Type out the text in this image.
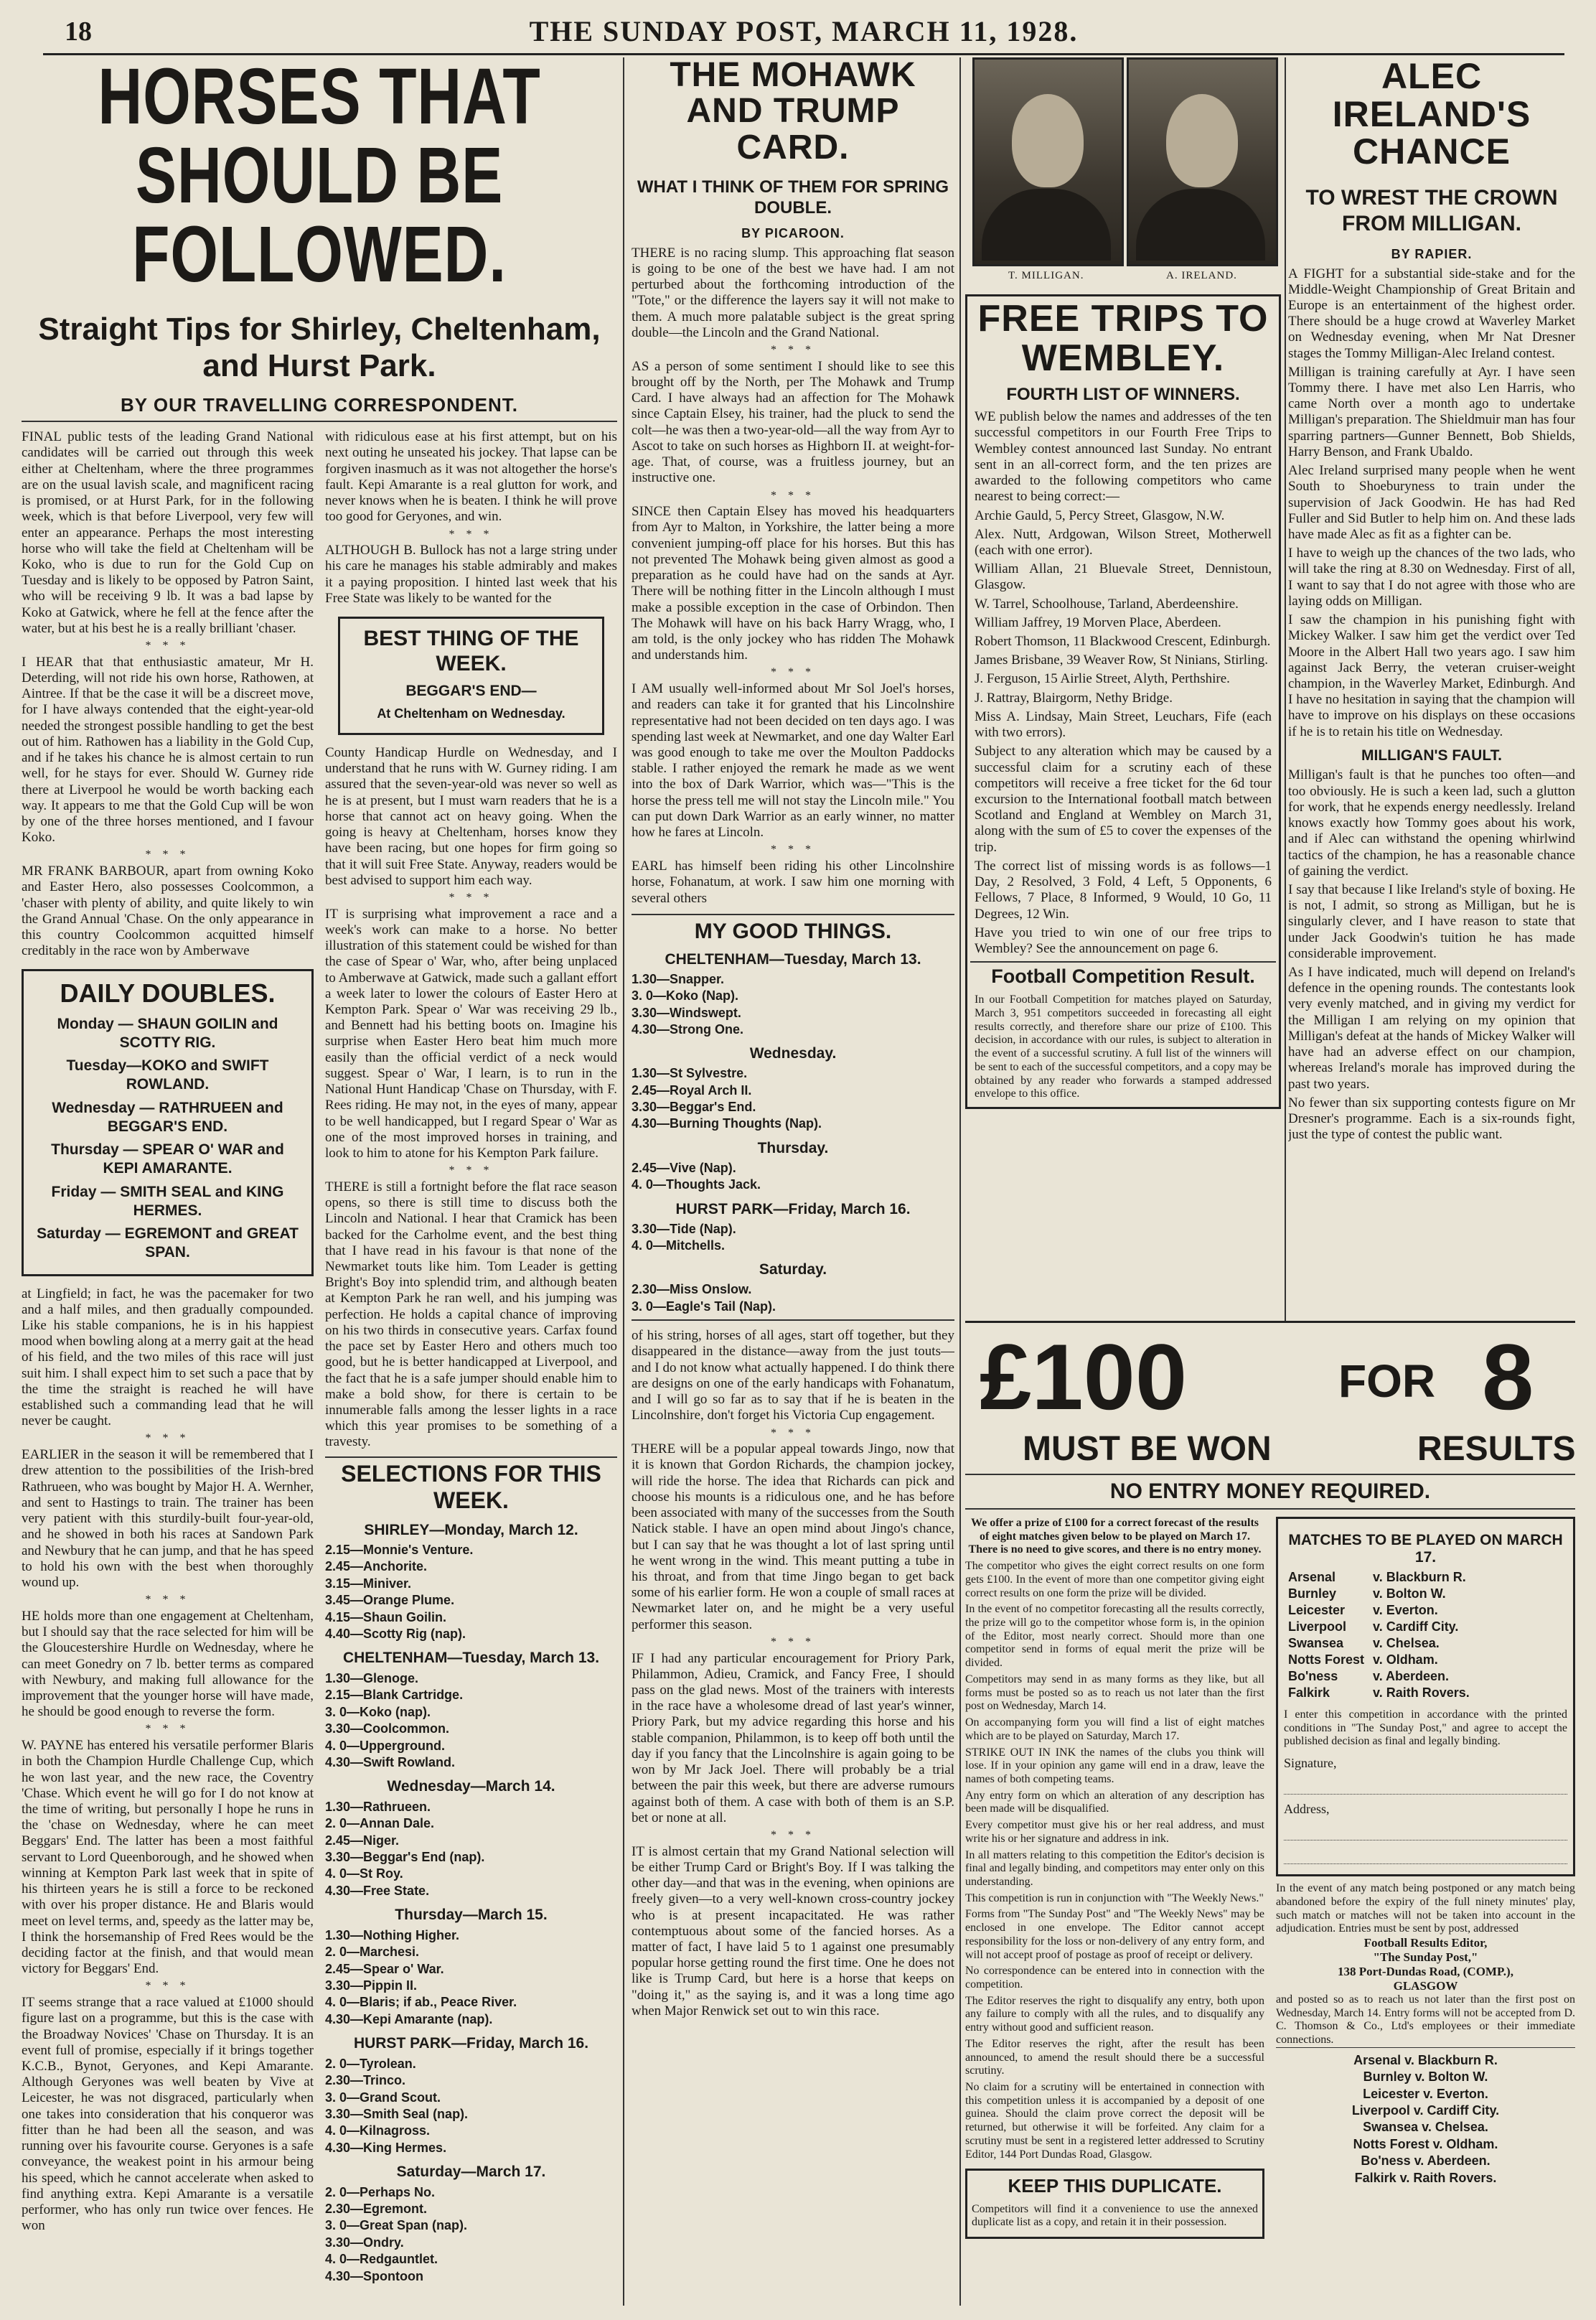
18	THE SUNDAY POST, MARCH 11, 1928.
HORSES THAT SHOULD BE
FOLLOWED.
Straight Tips for Shirley, Cheltenham, and Hurst Park.
BY OUR TRAVELLING CORRESPONDENT.

FINAL public tests of the leading Grand National candidates will be carried out through this week either at Cheltenham, where the three programmes are on the usual lavish scale, and magnificent racing is promised, or at Hurst Park, for in the following week, which is that before Liverpool, very few will enter an appearance. Perhaps the most interesting horse who will take the field at Cheltenham will be Koko, who is due to run for the Gold Cup on Tuesday and is likely to be opposed by Patron Saint, who will be receiving 9 lb. It was a bad lapse by Koko at Gatwick, where he fell at the fence after the water, but at his best he is a really brilliant 'chaser.

* * *

I HEAR that that enthusiastic amateur, Mr H. Deterding, will not ride his own horse, Rathowen, at Aintree. If that be the case it will be a discreet move, for I have always contended that the eight-year-old needed the strongest possible handling to get the best out of him. Rathowen has a liability in the Gold Cup, and if he takes his chance he is almost certain to run well, for he stays for ever. Should W. Gurney ride there at Liverpool he would be worth backing each way. It appears to me that the Gold Cup will be won by one of the three horses mentioned, and I favour Koko.

* * *

MR FRANK BARBOUR, apart from owning Koko and Easter Hero, also possesses Coolcommon, a 'chaser with plenty of ability, and quite likely to win the Grand Annual 'Chase. On the only appearance in this country Coolcommon acquitted himself creditably in the race won by Amberwave

DAILY DOUBLES.
Monday — SHAUN GOILIN and SCOTTY RIG.
Tuesday—KOKO and SWIFT ROWLAND.
Wednesday — RATHRUEEN and BEGGAR'S END.
Thursday — SPEAR O' WAR and KEPI AMARANTE.
Friday — SMITH SEAL and KING HERMES.
Saturday — EGREMONT and GREAT SPAN.

at Lingfield; in fact, he was the pacemaker for two and a half miles, and then gradually compounded. Like his stable companions, he is in his happiest mood when bowling along at a merry gait at the head of his field, and the two miles of this race will just suit him. I shall expect him to set such a pace that by the time the straight is reached he will have established such a commanding lead that he will never be caught.

* * *

EARLIER in the season it will be remembered that I drew attention to the possibilities of the Irish-bred Rathrueen, who was bought by Major H. A. Wernher, and sent to Hastings to train. The trainer has been very patient with this sturdily-built four-year-old, and he showed in both his races at Sandown Park and Newbury that he can jump, and that he has speed to hold his own with the best when thoroughly wound up.

* * *

HE holds more than one engagement at Cheltenham, but I should say that the race selected for him will be the Gloucestershire Hurdle on Wednesday, where he can meet Gonedry on 7 lb. better terms as compared with Newbury, and making full allowance for the improvement that the younger horse will have made, he should be good enough to reverse the form.

* * *

W. PAYNE has entered his versatile performer Blaris in both the Champion Hurdle Challenge Cup, which he won last year, and the new race, the Coventry 'Chase. Which event he will go for I do not know at the time of writing, but personally I hope he runs in the 'chase on Wednesday, where he can meet Beggars' End. The latter has been a most faithful servant to Lord Queenborough, and he showed when winning at Kempton Park last week that in spite of his thirteen years he is still a force to be reckoned with over his proper distance. He and Blaris would meet on level terms, and, speedy as the latter may be, I think the horsemanship of Fred Rees would be the deciding factor at the finish, and that would mean victory for Beggars' End.

* * *

IT seems strange that a race valued at £1000 should figure last on a programme, but this is the case with the Broadway Novices' 'Chase on Thursday. It is an event full of promise, especially if it brings together K.C.B., Bynot, Geryones, and Kepi Amarante. Although Geryones was well beaten by Vive at Leicester, he was not disgraced, particularly when one takes into consideration that his conqueror was fitter than he had been all the season, and was running over his favourite course. Geryones is a safe conveyance, the weakest point in his armour being his speed, which he cannot accelerate when asked to find anything extra. Kepi Amarante is a versatile performer, who has only run twice over fences. He won

with ridiculous ease at his first attempt, but on his next outing he unseated his jockey. That lapse can be forgiven inasmuch as it was not altogether the horse's fault. Kepi Amarante is a real glutton for work, and never knows when he is beaten. I think he will prove too good for Geryones, and win.

* * *

ALTHOUGH B. Bullock has not a large string under his care he manages his stable admirably and makes it a paying proposition. I hinted last week that his Free State was likely to be wanted for the

BEST THING OF THE WEEK.
BEGGAR'S END—
At Cheltenham on Wednesday.

County Handicap Hurdle on Wednesday, and I understand that he runs with W. Gurney riding. I am assured that the seven-year-old was never so well as he is at present, but I must warn readers that he is a horse that cannot act on heavy going. When the going is heavy at Cheltenham, horses know they have been racing, but one hopes for firm going so that it will suit Free State. Anyway, readers would be best advised to support him each way.

* * *

IT is surprising what improvement a race and a week's work can make to a horse. No better illustration of this statement could be wished for than the case of Spear o' War, who, after being unplaced to Amberwave at Gatwick, made such a gallant effort a week later to lower the colours of Easter Hero at Kempton Park. Spear o' War was receiving 29 lb., and Bennett had his betting boots on. Imagine his surprise when Easter Hero beat him much more easily than the official verdict of a neck would suggest. Spear o' War, I learn, is to run in the National Hunt Handicap 'Chase on Thursday, with F. Rees riding. He may not, in the eyes of many, appear to be well handicapped, but I regard Spear o' War as one of the most improved horses in training, and look to him to atone for his Kempton Park failure.

* * *

THERE is still a fortnight before the flat race season opens, so there is still time to discuss both the Lincoln and National. I hear that Cramick has been backed for the Carholme event, and the best thing that I have read in his favour is that none of the Newmarket touts like him. Tom Leader is getting Bright's Boy into splendid trim, and although beaten at Kempton Park he ran well, and his jumping was perfection. He holds a capital chance of improving on his two thirds in consecutive years. Carfax found the pace set by Easter Hero and others much too good, but he is better handicapped at Liverpool, and the fact that he is a safe jumper should enable him to make a bold show, for there is certain to be innumerable falls among the lesser lights in a race which this year promises to be something of a travesty.

SELECTIONS FOR THIS WEEK.
SHIRLEY—Monday, March 12.
2.15—Monnie's Venture.
2.45—Anchorite.
3.15—Miniver.
3.45—Orange Plume.
4.15—Shaun Goilin.
4.40—Scotty Rig (nap).
CHELTENHAM—Tuesday, March 13.
1.30—Glenoge.
2.15—Blank Cartridge.
3. 0—Koko (nap).
3.30—Coolcommon.
4. 0—Upperground.
4.30—Swift Rowland.
Wednesday—March 14.
1.30—Rathrueen.
2. 0—Annan Dale.
2.45—Niger.
3.30—Beggar's End (nap).
4. 0—St Roy.
4.30—Free State.
Thursday—March 15.
1.30—Nothing Higher.
2. 0—Marchesi.
2.45—Spear o' War.
3.30—Pippin II.
4. 0—Blaris; if ab., Peace River.
4.30—Kepi Amarante (nap).
HURST PARK—Friday, March 16.
2. 0—Tyrolean.
2.30—Trinco.
3. 0—Grand Scout.
3.30—Smith Seal (nap).
4. 0—Kilnagross.
4.30—King Hermes.
Saturday—March 17.
2. 0—Perhaps No.
2.30—Egremont.
3. 0—Great Span (nap).
3.30—Ondry.
4. 0—Redgauntlet.
4.30—Spontoon
THE MOHAWK AND TRUMP CARD.
WHAT I THINK OF THEM FOR SPRING DOUBLE.
BY PICAROON.

THERE is no racing slump. This approaching flat season is going to be one of the best we have had. I am not perturbed about the forthcoming introduction of the "Tote," or the difference the layers say it will not make to them. A much more palatable subject is the great spring double—the Lincoln and the Grand National.

* * *

AS a person of some sentiment I should like to see this brought off by the North, per The Mohawk and Trump Card. I have always had an affection for The Mohawk since Captain Elsey, his trainer, had the pluck to send the colt—he was then a two-year-old—all the way from Ayr to Ascot to take on such horses as Highborn II. at weight-for-age. That, of course, was a fruitless journey, but an instructive one.

* * *

SINCE then Captain Elsey has moved his headquarters from Ayr to Malton, in Yorkshire, the latter being a more convenient jumping-off place for his horses. But this has not prevented The Mohawk being given almost as good a preparation as he could have had on the sands at Ayr. There will be nothing fitter in the Lincoln although I must make a possible exception in the case of Orbindon. Then The Mohawk will have on his back Harry Wragg, who, I am told, is the only jockey who has ridden The Mohawk and understands him.

* * *

I AM usually well-informed about Mr Sol Joel's horses, and readers can take it for granted that his Lincolnshire representative had not been decided on ten days ago. I was spending last week at Newmarket, and one day Walter Earl was good enough to take me over the Moulton Paddocks stable. I rather enjoyed the remark he made as we went into the box of Dark Warrior, which was—"This is the horse the press tell me will not stay the Lincoln mile." You can put down Dark Warrior as an early winner, no matter how he fares at Lincoln.

* * *

EARL has himself been riding his other Lincolnshire horse, Fohanatum, at work. I saw him one morning with several others

MY GOOD THINGS.
CHELTENHAM—Tuesday, March 13.
1.30—Snapper.
3. 0—Koko (Nap).
3.30—Windswept.
4.30—Strong One.
Wednesday.
1.30—St Sylvestre.
2.45—Royal Arch II.
3.30—Beggar's End.
4.30—Burning Thoughts (Nap).
Thursday.
2.45—Vive (Nap).
4. 0—Thoughts Jack.
HURST PARK—Friday, March 16.
3.30—Tide (Nap).
4. 0—Mitchells.
Saturday.
2.30—Miss Onslow.
3. 0—Eagle's Tail (Nap).

of his string, horses of all ages, start off together, but they disappeared in the distance—away from the just touts—and I do not know what actually happened. I do think there are designs on one of the early handicaps with Fohanatum, and I will go so far as to say that if he is beaten in the Lincolnshire, don't forget his Victoria Cup engagement.

* * *

THERE will be a popular appeal towards Jingo, now that it is known that Gordon Richards, the champion jockey, will ride the horse. The idea that Richards can pick and choose his mounts is a ridiculous one, and he has before been associated with many of the successes from the South Natick stable. I have an open mind about Jingo's chance, but I can say that he was thought a lot of last spring until he went wrong in the wind. This meant putting a tube in his throat, and from that time Jingo began to get back some of his earlier form. He won a couple of small races at Newmarket later on, and he might be a very useful performer this season.

* * *

IF I had any particular encouragement for Priory Park, Philammon, Adieu, Cramick, and Fancy Free, I should pass on the glad news. Most of the trainers with interests in the race have a wholesome dread of last year's winner, Priory Park, but my advice regarding this horse and his stable companion, Philammon, is to keep off both until the day if you fancy that the Lincolnshire is again going to be won by Mr Jack Joel. There will probably be a trial between the pair this week, but there are adverse rumours against both of them. A case with both of them is an S.P. bet or none at all.

* * *

IT is almost certain that my Grand National selection will be either Trump Card or Bright's Boy. If I was talking the other day—and that was in the evening, when opinions are freely given—to a very well-known cross-country jockey who is at present incapacitated. He was rather contemptuous about some of the fancied horses. As a matter of fact, I have laid 5 to 1 against one presumably popular horse getting round the first time. One he does not like is Trump Card, but here is a horse that keeps on "doing it," as the saying is, and it was a long time ago when Major Renwick set out to win this race.

T. MILLIGAN.	A. IRELAND.
FREE TRIPS TO WEMBLEY.
FOURTH LIST OF WINNERS.

WE publish below the names and addresses of the ten successful competitors in our Fourth Free Trips to Wembley contest announced last Sunday. No entrant sent in an all-correct form, and the ten prizes are awarded to the following competitors who came nearest to being correct:—

Archie Gauld, 5, Percy Street, Glasgow, N.W.

Alex. Nutt, Ardgowan, Wilson Street, Motherwell (each with one error).

William Allan, 21 Bluevale Street, Dennistoun, Glasgow.

W. Tarrel, Schoolhouse, Tarland, Aberdeenshire.

William Jaffrey, 19 Morven Place, Aberdeen.

Robert Thomson, 11 Blackwood Crescent, Edinburgh.

James Brisbane, 39 Weaver Row, St Ninians, Stirling.

J. Ferguson, 15 Airlie Street, Alyth, Perthshire.

J. Rattray, Blairgorm, Nethy Bridge.

Miss A. Lindsay, Main Street, Leuchars, Fife (each with two errors).

Subject to any alteration which may be caused by a successful claim for a scrutiny each of these competitors will receive a free ticket for the 6d tour excursion to the International football match between Scotland and England at Wembley on March 31, along with the sum of £5 to cover the expenses of the trip.

The correct list of missing words is as follows—1 Day, 2 Resolved, 3 Fold, 4 Left, 5 Opponents, 6 Fellows, 7 Place, 8 Informed, 9 Would, 10 Go, 11 Degrees, 12 Win.

Have you tried to win one of our free trips to Wembley? See the announcement on page 6.

Football Competition Result.

In our Football Competition for matches played on Saturday, March 3, 951 competitors succeeded in forecasting all eight results correctly, and therefore share our prize of £100. This decision, in accordance with our rules, is subject to alteration in the event of a successful scrutiny. A full list of the winners will be sent to each of the successful competitors, and a copy may be obtained by any reader who forwards a stamped addressed envelope to this office.

ALEC IRELAND'S
CHANCE
TO WREST THE CROWN FROM MILLIGAN.
BY RAPIER.

A FIGHT for a substantial side-stake and for the Middle-Weight Championship of Great Britain and Europe is an entertainment of the highest order. There should be a huge crowd at Waverley Market on Wednesday evening, when Mr Nat Dresner stages the Tommy Milligan-Alec Ireland contest.

Milligan is training carefully at Ayr. I have seen Tommy there. I have met also Len Harris, who came North over a month ago to undertake Milligan's preparation. The Shieldmuir man has four sparring partners—Gunner Bennett, Bob Shields, Harry Benson, and Frank Ubaldo.

Alec Ireland surprised many people when he went South to Shoeburyness to train under the supervision of Jack Goodwin. He has had Red Fuller and Sid Butler to help him on. And these lads have made Alec as fit as a fighter can be.

I have to weigh up the chances of the two lads, who will take the ring at 8.30 on Wednesday. First of all, I want to say that I do not agree with those who are laying odds on Milligan.

I saw the champion in his punishing fight with Mickey Walker. I saw him get the verdict over Ted Moore in the Albert Hall two years ago. I saw him against Jack Berry, the veteran cruiser-weight champion, in the Waverley Market, Edinburgh. And I have no hesitation in saying that the champion will have to improve on his displays on these occasions if he is to retain his title on Wednesday.

MILLIGAN'S FAULT.

Milligan's fault is that he punches too often—and too obviously. He is such a keen lad, such a glutton for work, that he expends energy needlessly. Ireland knows exactly how Tommy goes about his work, and if Alec can withstand the opening whirlwind tactics of the champion, he has a reasonable chance of gaining the verdict.

I say that because I like Ireland's style of boxing. He is not, I admit, so strong as Milligan, but he is singularly clever, and I have reason to state that under Jack Goodwin's tuition he has made considerable improvement.

As I have indicated, much will depend on Ireland's defence in the opening rounds. The contestants look very evenly matched, and in giving my verdict for the Milligan I am relying on my opinion that Milligan's defeat at the hands of Mickey Walker will have had an adverse effect on our champion, whereas Ireland's morale has improved during the past two years.

No fewer than six supporting contests figure on Mr Dresner's programme. Each is a six-rounds fight, just the type of contest the public want.

£100	FOR 8
MUST BE WON	RESULTS
NO ENTRY MONEY REQUIRED.

We offer a prize of £100 for a correct forecast of the results of eight matches given below to be played on March 17. There is no need to give scores, and there is no entry money.

The competitor who gives the eight correct results on one form gets £100. In the event of more than one competitor giving eight correct results on one form the prize will be divided.

In the event of no competitor forecasting all the results correctly, the prize will go to the competitor whose form is, in the opinion of the Editor, most nearly correct. Should more than one competitor send in forms of equal merit the prize will be divided.

Competitors may send in as many forms as they like, but all forms must be posted so as to reach us not later than the first post on Wednesday, March 14.

On accompanying form you will find a list of eight matches which are to be played on Saturday, March 17.

STRIKE OUT IN INK the names of the clubs you think will lose. If in your opinion any game will end in a draw, leave the names of both competing teams.

Any entry form on which an alteration of any description has been made will be disqualified.

Every competitor must give his or her real address, and must write his or her signature and address in ink.

In all matters relating to this competition the Editor's decision is final and legally binding, and competitors may enter only on this understanding.

This competition is run in conjunction with "The Weekly News."

Forms from "The Sunday Post" and "The Weekly News" may be enclosed in one envelope. The Editor cannot accept responsibility for the loss or non-delivery of any entry form, and will not accept proof of postage as proof of receipt or delivery.

No correspondence can be entered into in connection with the competition.

The Editor reserves the right to disqualify any entry, both upon any failure to comply with all the rules, and to disqualify any entry without good and sufficient reason.

The Editor reserves the right, after the result has been announced, to amend the result should there be a successful scrutiny.

No claim for a scrutiny will be entertained in connection with this competition unless it is accompanied by a deposit of one guinea. Should the claim prove correct the deposit will be returned, but otherwise it will be forfeited. Any claim for a scrutiny must be sent in a registered letter addressed to Scrutiny Editor, 144 Port Dundas Road, Glasgow.

KEEP THIS DUPLICATE.

Competitors will find it a convenience to use the annexed duplicate list as a copy, and retain it in their possession.

MATCHES TO BE PLAYED ON MARCH 17.
Arsenal	v. Blackburn R.
Burnley	v. Bolton W.
Leicester	v. Everton.
Liverpool	v. Cardiff City.
Swansea	v. Chelsea.
Notts Forest	v. Oldham.
Bo'ness	v. Aberdeen.
Falkirk	v. Raith Rovers.

I enter this competition in accordance with the printed conditions in "The Sunday Post," and agree to accept the published decision as final and legally binding.

Signature,
Address,

In the event of any match being postponed or any match being abandoned before the expiry of the full ninety minutes' play, such match or matches will not be taken into account in the adjudication. Entries must be sent by post, addressed

Football Results Editor,
"The Sunday Post,"
138 Port-Dundas Road, (COMP.),
GLASGOW

and posted so as to reach us not later than the first post on Wednesday, March 14. Entry forms will not be accepted from D. C. Thomson & Co., Ltd's employees or their immediate connections.

Arsenal v. Blackburn R.
Burnley v. Bolton W.
Leicester v. Everton.
Liverpool v. Cardiff City.
Swansea v. Chelsea.
Notts Forest v. Oldham.
Bo'ness v. Aberdeen.
Falkirk v. Raith Rovers.
